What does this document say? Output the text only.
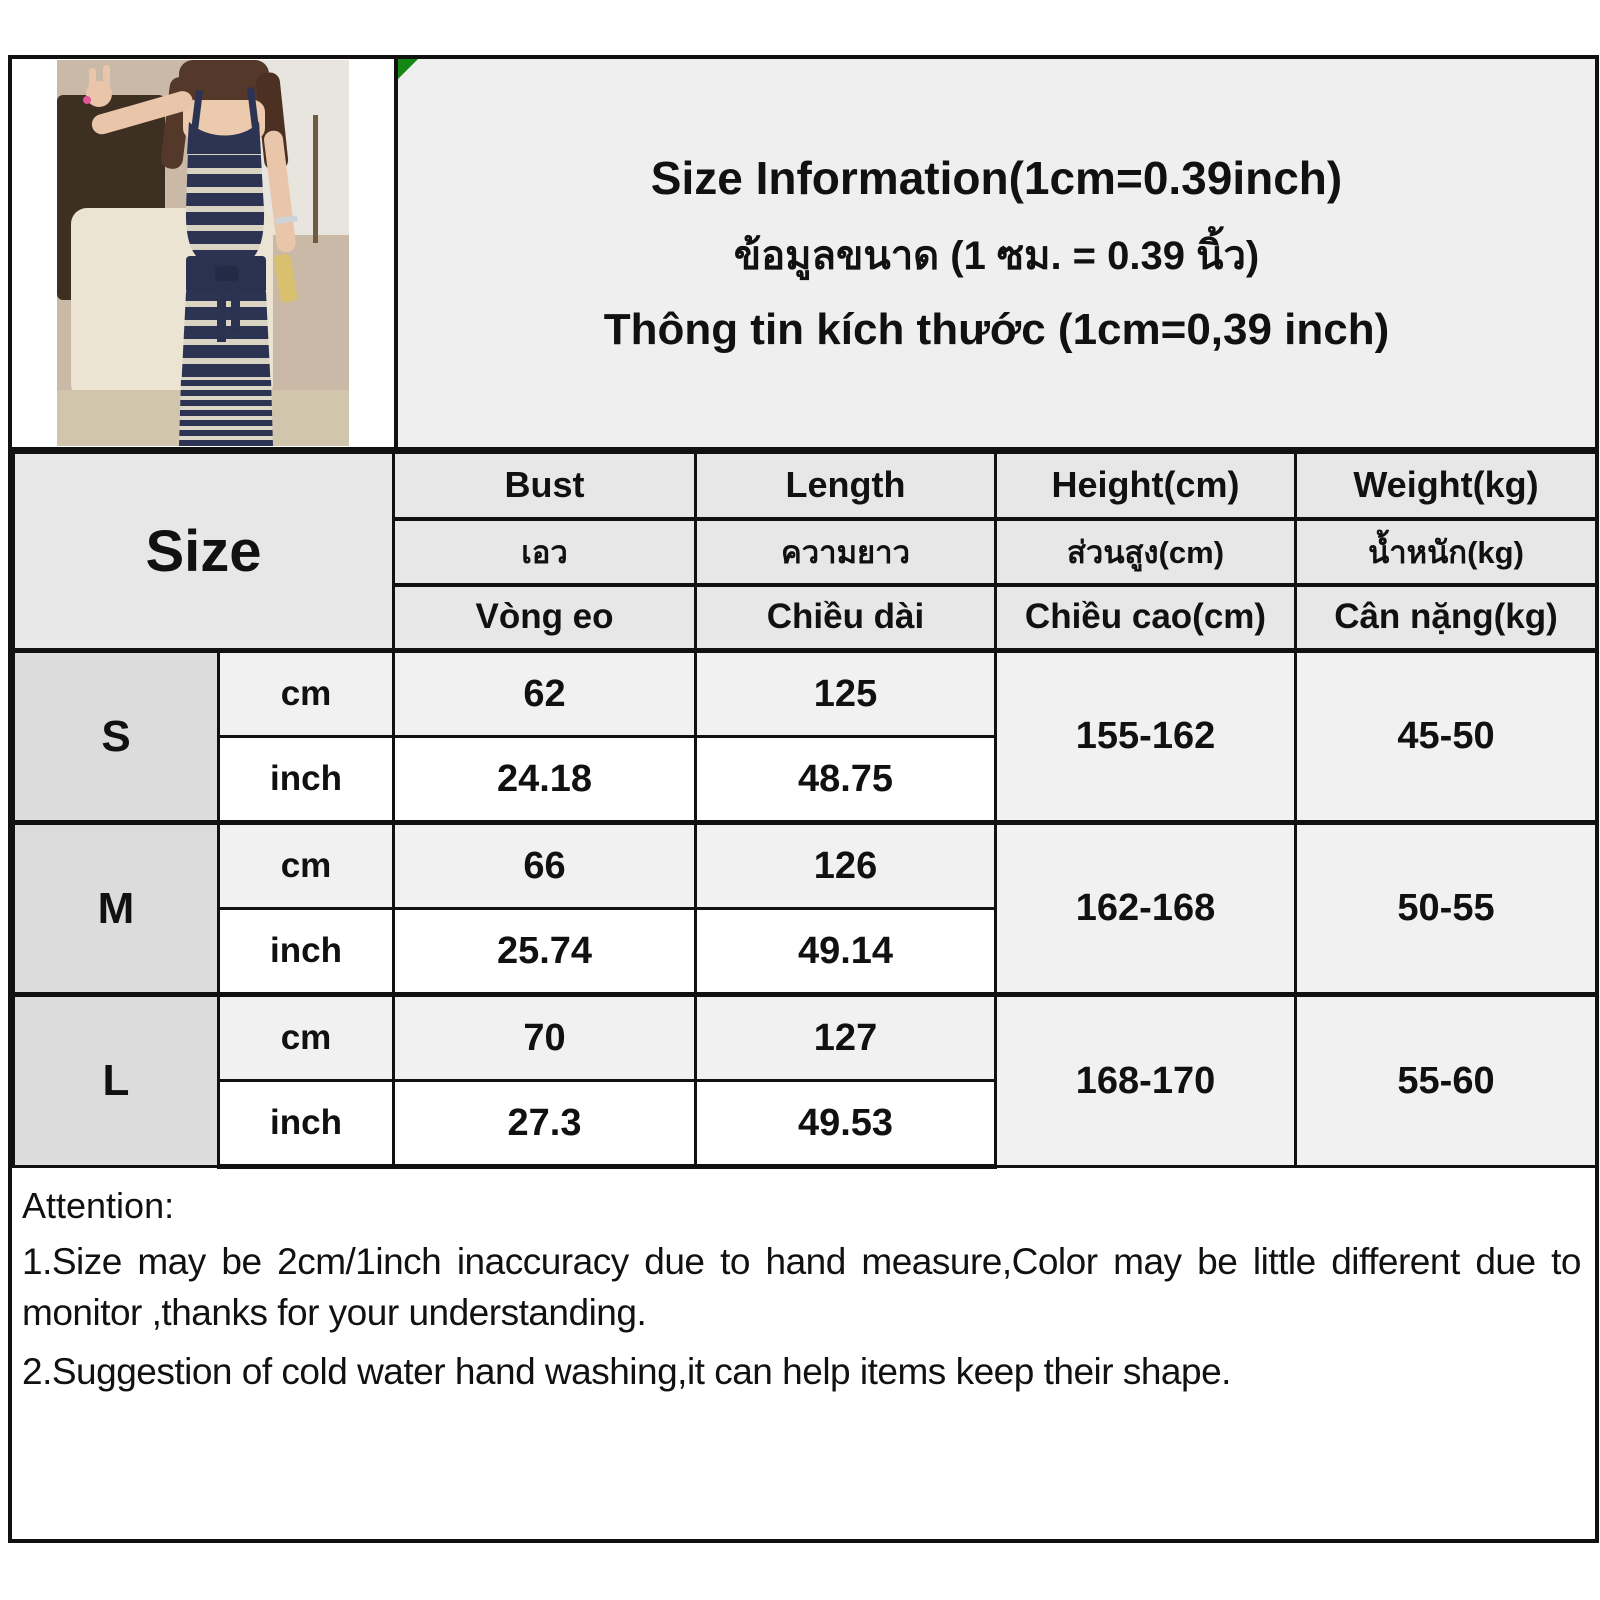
Size Information(1cm=0.39inch)
ข้อมูลขนาด (1 ซม. = 0.39 นิ้ว)
Thông tin kích thước (1cm=0,39 inch)
Size		Bust	Length	Height(cm)	Weight(kg)
		เอว	ความยาว	ส่วนสูง(cm)	น้ำหนัก(kg)
		Vòng eo	Chiều dài	Chiều cao(cm)	Cân nặng(kg)
S	cm	62	125	155-162	45-50
	inch	24.18	48.75		
M	cm	66	126	162-168	50-55
	inch	25.74	49.14		
L	cm	70	127	168-170	55-60
	inch	27.3	49.53		
Attention:
1.Size may be 2cm/1inch inaccuracy due to hand measure,Color may be little different due to monitor ,thanks for your understanding.
2.Suggestion of cold water hand washing,it can help items keep their shape.
